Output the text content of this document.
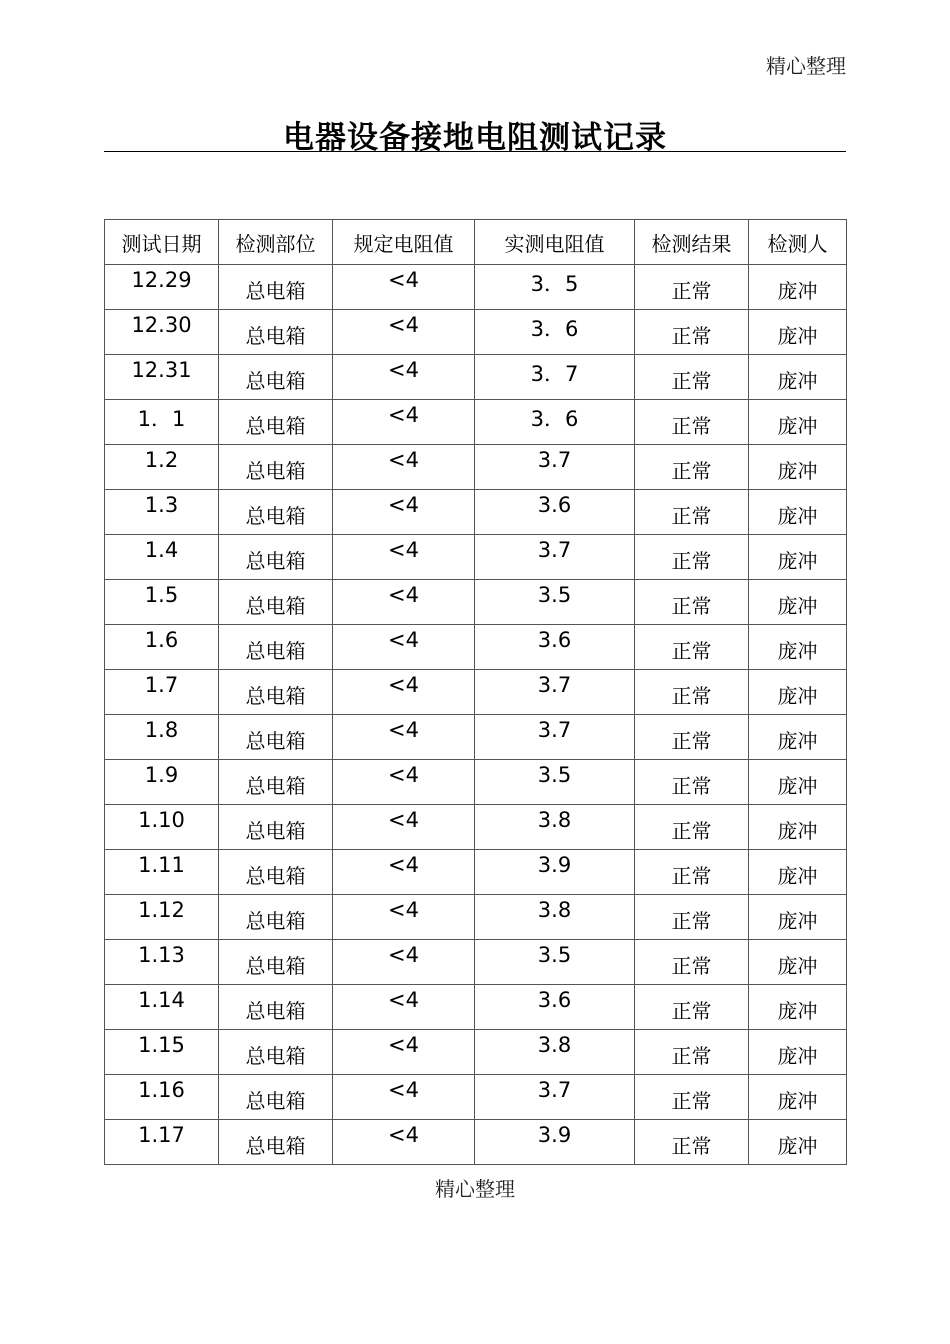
精心整理
电器设备接地电阻测试记录
测试日期	检测部位	规定电阻值	实测电阻值	检测结果	检测人

12.29	总电箱	<4	3．5	正常	庞冲

12.30	总电箱	<4	3．6	正常	庞冲

12.31	总电箱	<4	3．7	正常	庞冲

1．1	总电箱	<4	3．6	正常	庞冲

1.2	总电箱	<4	3.7	正常	庞冲

1.3	总电箱	<4	3.6	正常	庞冲

1.4	总电箱	<4	3.7	正常	庞冲

1.5	总电箱	<4	3.5	正常	庞冲

1.6	总电箱	<4	3.6	正常	庞冲

1.7	总电箱	<4	3.7	正常	庞冲

1.8	总电箱	<4	3.7	正常	庞冲

1.9	总电箱	<4	3.5	正常	庞冲

1.10	总电箱	<4	3.8	正常	庞冲

1.11	总电箱	<4	3.9	正常	庞冲

1.12	总电箱	<4	3.8	正常	庞冲

1.13	总电箱	<4	3.5	正常	庞冲

1.14	总电箱	<4	3.6	正常	庞冲

1.15	总电箱	<4	3.8	正常	庞冲

1.16	总电箱	<4	3.7	正常	庞冲

1.17	总电箱	<4	3.9	正常	庞冲
精心整理
